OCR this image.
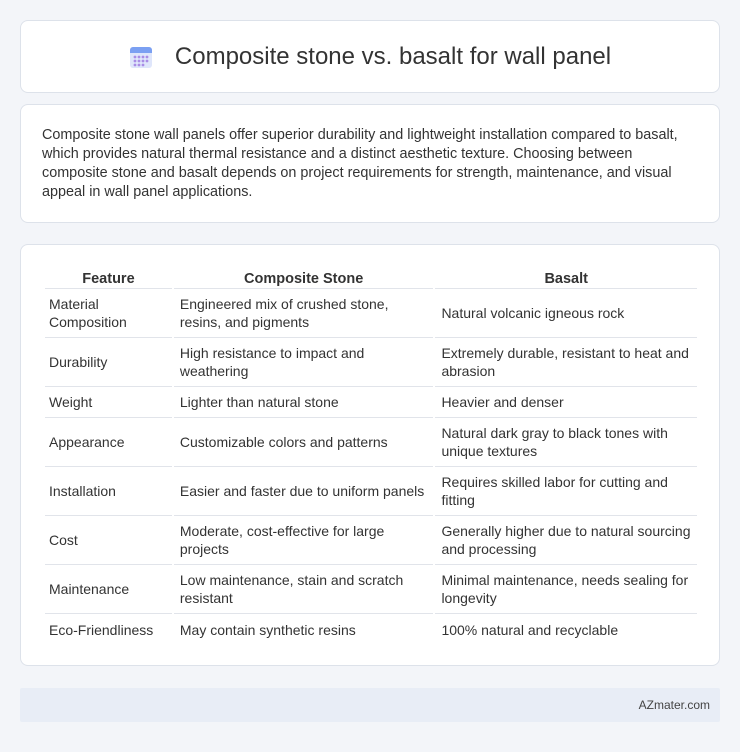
Composite stone vs. basalt for wall panel

Composite stone wall panels offer superior durability and lightweight installation compared to basalt, which provides natural thermal resistance and a distinct aesthetic texture. Choosing between composite stone and basalt depends on project requirements for strength, maintenance, and visual appeal in wall panel applications.

Feature	Composite Stone	Basalt
Material Composition	Engineered mix of crushed stone, resins, and pigments	Natural volcanic igneous rock
Durability	High resistance to impact and weathering	Extremely durable, resistant to heat and abrasion
Weight	Lighter than natural stone	Heavier and denser
Appearance	Customizable colors and patterns	Natural dark gray to black tones with unique textures
Installation	Easier and faster due to uniform panels	Requires skilled labor for cutting and fitting
Cost	Moderate, cost-effective for large projects	Generally higher due to natural sourcing and processing
Maintenance	Low maintenance, stain and scratch resistant	Minimal maintenance, needs sealing for longevity
Eco-Friendliness	May contain synthetic resins	100% natural and recyclable
AZmater.com
